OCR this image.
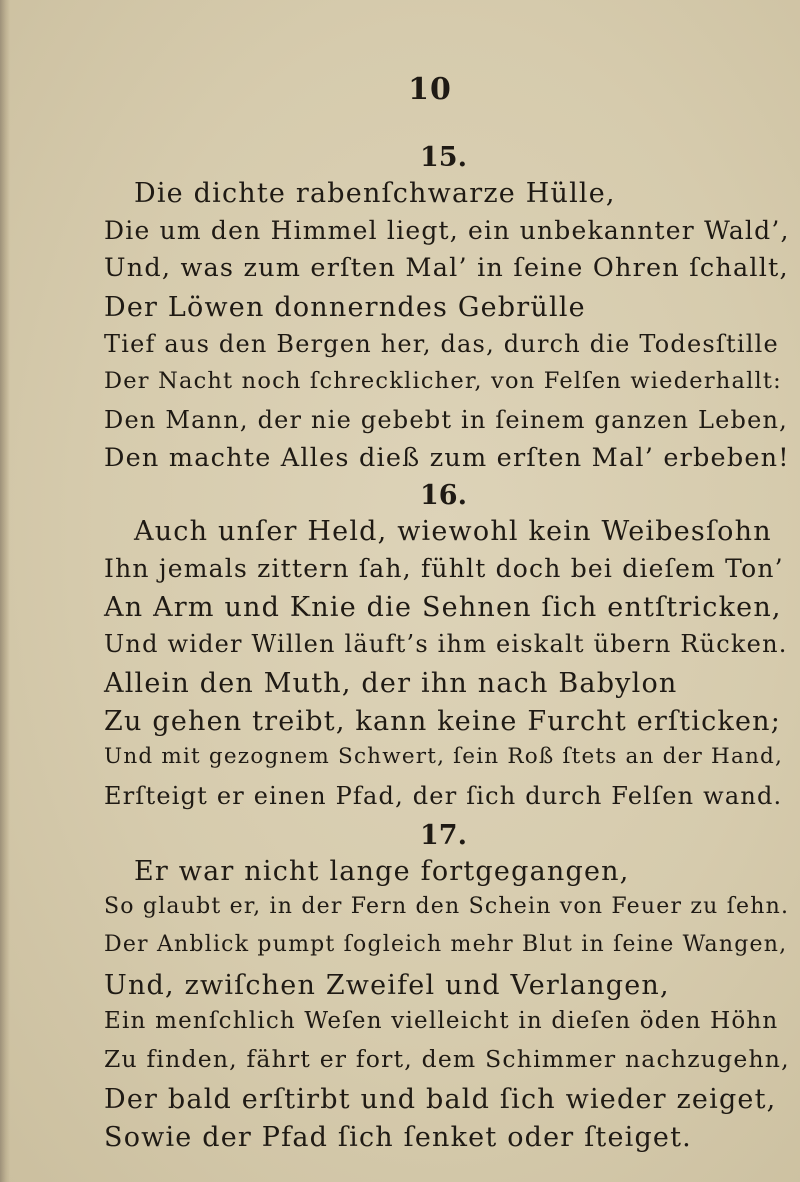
10
15.
Die dichte rabenſchwarze Hülle,
Die um den Himmel liegt, ein unbekannter Wald’,
Und, was zum erſten Mal’ in ſeine Ohren ſchallt,
Der Löwen donnerndes Gebrülle
Tief aus den Bergen her, das, durch die Todesſtille
Der Nacht noch ſchrecklicher, von Felſen wiederhallt:
Den Mann, der nie gebebt in ſeinem ganzen Leben,
Den machte Alles dieß zum erſten Mal’ erbeben!
16.
Auch unſer Held, wiewohl kein Weibesſohn
Ihn jemals zittern ſah, fühlt doch bei dieſem Ton’
An Arm und Knie die Sehnen ſich entſtricken,
Und wider Willen läuft’s ihm eiskalt übern Rücken.
Allein den Muth, der ihn nach Babylon
Zu gehen treibt, kann keine Furcht erſticken;
Und mit gezognem Schwert, ſein Roß ſtets an der Hand,
Erſteigt er einen Pfad, der ſich durch Felſen wand.
17.
Er war nicht lange fortgegangen,
So glaubt er, in der Fern den Schein von Feuer zu ſehn.
Der Anblick pumpt ſogleich mehr Blut in ſeine Wangen,
Und, zwiſchen Zweifel und Verlangen,
Ein menſchlich Weſen vielleicht in dieſen öden Höhn
Zu finden, fährt er fort, dem Schimmer nachzugehn,
Der bald erſtirbt und bald ſich wieder zeiget,
Sowie der Pfad ſich ſenket oder ſteiget.
